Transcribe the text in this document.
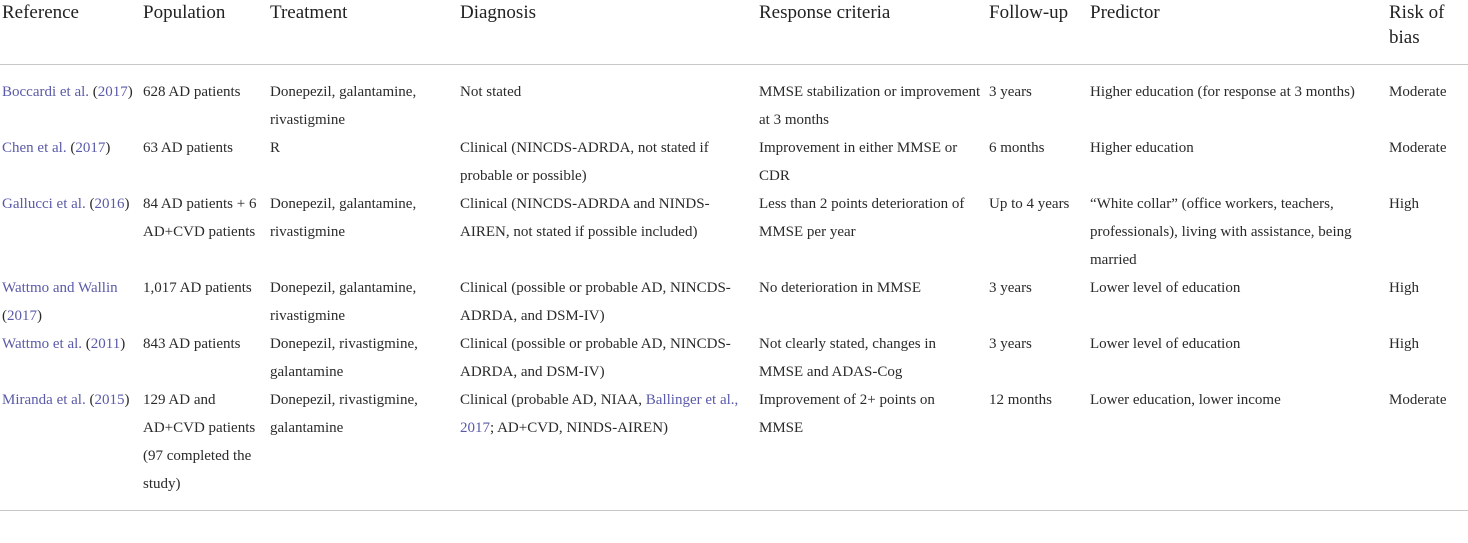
Reference	Population	Treatment	Diagnosis	Response criteria	Follow-up	Predictor	Risk of bias
Boccardi et al. (2017)	628 AD patients	Donepezil, galantamine, rivastigmine	Not stated	MMSE stabilization or improvement at 3 months	3 years	Higher education (for response at 3 months)	Moderate
Chen et al. (2017)	63 AD patients	R	Clinical (NINCDS-ADRDA, not stated if probable or possible)	Improvement in either MMSE or CDR	6 months	Higher education	Moderate
Gallucci et al. (2016)	84 AD patients + 6 AD+CVD patients	Donepezil, galantamine, rivastigmine	Clinical (NINCDS-ADRDA and NINDS-AIREN, not stated if possible included)	Less than 2 points deterioration of MMSE per year	Up to 4 years	“White collar” (office workers, teachers, professionals), living with assistance, being married	High
Wattmo and Wallin (2017)	1,017 AD patients	Donepezil, galantamine, rivastigmine	Clinical (possible or probable AD, NINCDS-ADRDA, and DSM-IV)	No deterioration in MMSE	3 years	Lower level of education	High
Wattmo et al. (2011)	843 AD patients	Donepezil, rivastigmine, galantamine	Clinical (possible or probable AD, NINCDS-ADRDA, and DSM-IV)	Not clearly stated, changes in MMSE and ADAS-Cog	3 years	Lower level of education	High
Miranda et al. (2015)	129 AD and AD+CVD patients (97 completed the study)	Donepezil, rivastigmine, galantamine	Clinical (probable AD, NIAA, Ballinger et al., 2017; AD+CVD, NINDS-AIREN)	Improvement of 2+ points on MMSE	12 months	Lower education, lower income	Moderate
